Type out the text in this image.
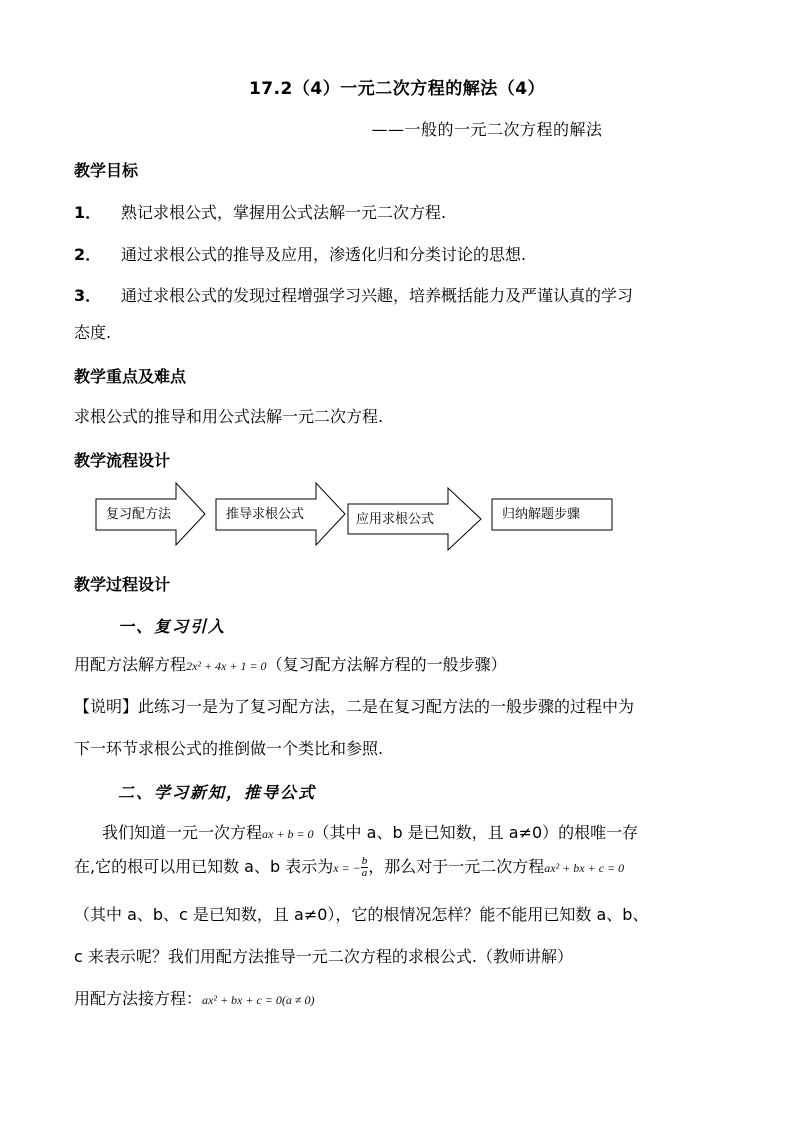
17.2（4）一元二次方程的解法（4）
——一般的一元二次方程的解法
教学目标
1． 熟记求根公式，掌握用公式法解一元二次方程.
2． 通过求根公式的推导及应用，渗透化归和分类讨论的思想.
3． 通过求根公式的发现过程增强学习兴趣，培养概括能力及严谨认真的学习
态度.
教学重点及难点
求根公式的推导和用公式法解一元二次方程.
教学流程设计
复习配方法	推导求根公式	应用求根公式	归纳解题步骤
教学过程设计
一、复习引入
用配方法解方程2x² + 4x + 1 = 0（复习配方法解方程的一般步骤）
【说明】此练习一是为了复习配方法，二是在复习配方法的一般步骤的过程中为
下一环节求根公式的推倒做一个类比和参照.
二、学习新知，推导公式
我们知道一元一次方程ax + b = 0（其中 a、b 是已知数，且 a≠0）的根唯一存
在,它的根可以用已知数 a、b 表示为x = − $\frac{b}{a}$ ，那么对于一元二次方程ax² + bx + c = 0
（其中 a、b、c 是已知数，且 a≠0），它的根情况怎样？能不能用已知数 a、b、
c 来表示呢？我们用配方法推导一元二次方程的求根公式.（教师讲解）
用配方法接方程：ax² + bx + c = 0(a ≠ 0)
